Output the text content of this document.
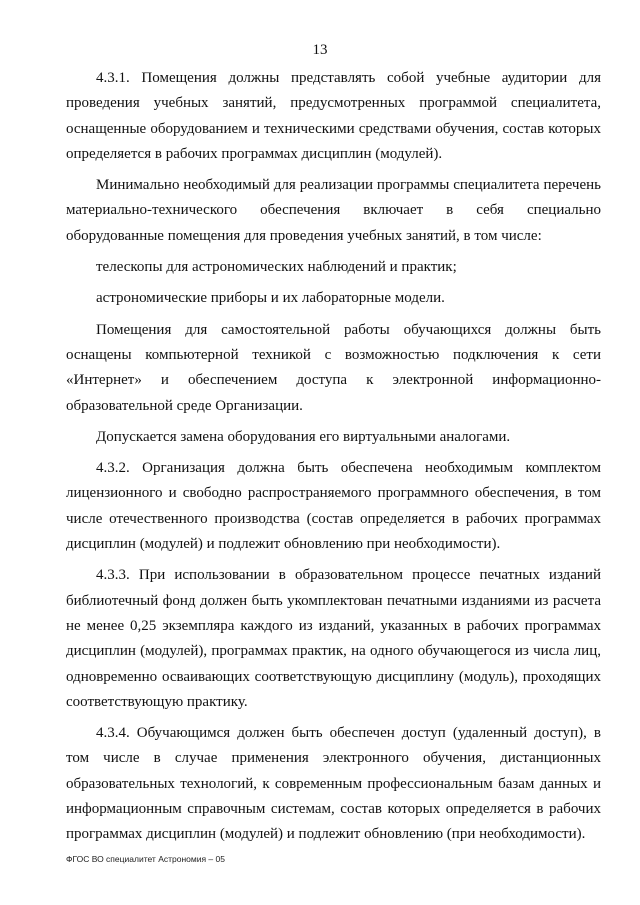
13

4.3.1. Помещения должны представлять собой учебные аудитории для проведения учебных занятий, предусмотренных программой специалитета, оснащенные оборудованием и техническими средствами обучения, состав которых определяется в рабочих программах дисциплин (модулей).

Минимально необходимый для реализации программы специалитета перечень материально-технического обеспечения включает в себя специально оборудованные помещения для проведения учебных занятий, в том числе:

телескопы для астрономических наблюдений и практик;

астрономические приборы и их лабораторные модели.

Помещения для самостоятельной работы обучающихся должны быть оснащены компьютерной техникой с возможностью подключения к сети «Интернет» и обеспечением доступа к электронной информационно-образовательной среде Организации.

Допускается замена оборудования его виртуальными аналогами.

4.3.2. Организация должна быть обеспечена необходимым комплектом лицензионного и свободно распространяемого программного обеспечения, в том числе отечественного производства (состав определяется в рабочих программах дисциплин (модулей) и подлежит обновлению при необходимости).

4.3.3. При использовании в образовательном процессе печатных изданий библиотечный фонд должен быть укомплектован печатными изданиями из расчета не менее 0,25 экземпляра каждого из изданий, указанных в рабочих программах дисциплин (модулей), программах практик, на одного обучающегося из числа лиц, одновременно осваивающих соответствующую дисциплину (модуль), проходящих соответствующую практику.

4.3.4. Обучающимся должен быть обеспечен доступ (удаленный доступ), в том числе в случае применения электронного обучения, дистанционных образовательных технологий, к современным профессиональным базам данных и информационным справочным системам, состав которых определяется в рабочих программах дисциплин (модулей) и подлежит обновлению (при необходимости).

ФГОС ВО специалитет Астрономия – 05
